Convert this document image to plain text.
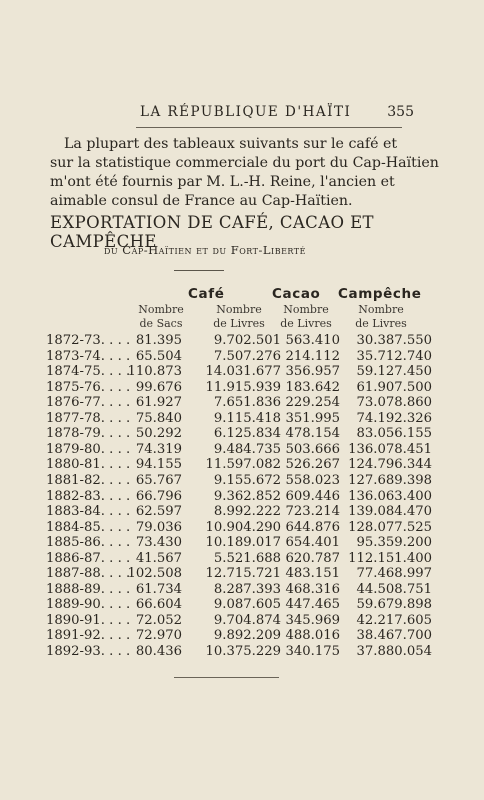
LA RÉPUBLIQUE D'HAÏTI	355
La plupart des tableaux suivants sur le café et
sur la statistique commerciale du port du Cap-Haïtien
m'ont été fournis par M. L.-H. Reine, l'ancien et
aimable consul de France au Cap-Haïtien.
EXPORTATION DE CAFÉ, CACAO ET CAMPÊCHE
du Cap-Haïtien et du Fort-Liberté
Café	Cacao Campêche
Nombre
de Sacs
Nombre
de Livres
Nombre
de Livres
Nombre
de Livres
1872-73. . . . 81.395 9.702.501 563.410 30.387.550
1873-74. . . . 65.504 7.507.276 214.112 35.712.740
1874-75. . . .
110.873 14.031.677 356.957 59.127.450
1875-76. . . . 99.676 11.915.939 183.642 61.907.500
1876-77. . . . 61.927 7.651.836 229.254 73.078.860
1877-78. . . . 75.840 9.115.418 351.995 74.192.326
1878-79. . . . 50.292 6.125.834 478.154 83.056.155
1879-80. . . . 74.319 9.484.735 503.666 136.078.451
1880-81. . . . 94.155 11.597.082 526.267 124.796.344
1881-82. . . . 65.767 9.155.672 558.023 127.689.398
1882-83. . . . 66.796 9.362.852 609.446 136.063.400
1883-84. . . . 62.597 8.992.222 723.214 139.084.470
1884-85. . . . 79.036 10.904.290 644.876 128.077.525
1885-86. . . . 73.430 10.189.017 654.401 95.359.200
1886-87. . . . 41.567 5.521.688 620.787 112.151.400
1887-88. . . .
102.508 12.715.721 483.151 77.468.997
1888-89. . . . 61.734 8.287.393 468.316 44.508.751
1889-90. . . . 66.604 9.087.605 447.465 59.679.898
1890-91. . . . 72.052 9.704.874 345.969 42.217.605
1891-92. . . . 72.970 9.892.209 488.016 38.467.700
1892-93. . . . 80.436 10.375.229 340.175 37.880.054
